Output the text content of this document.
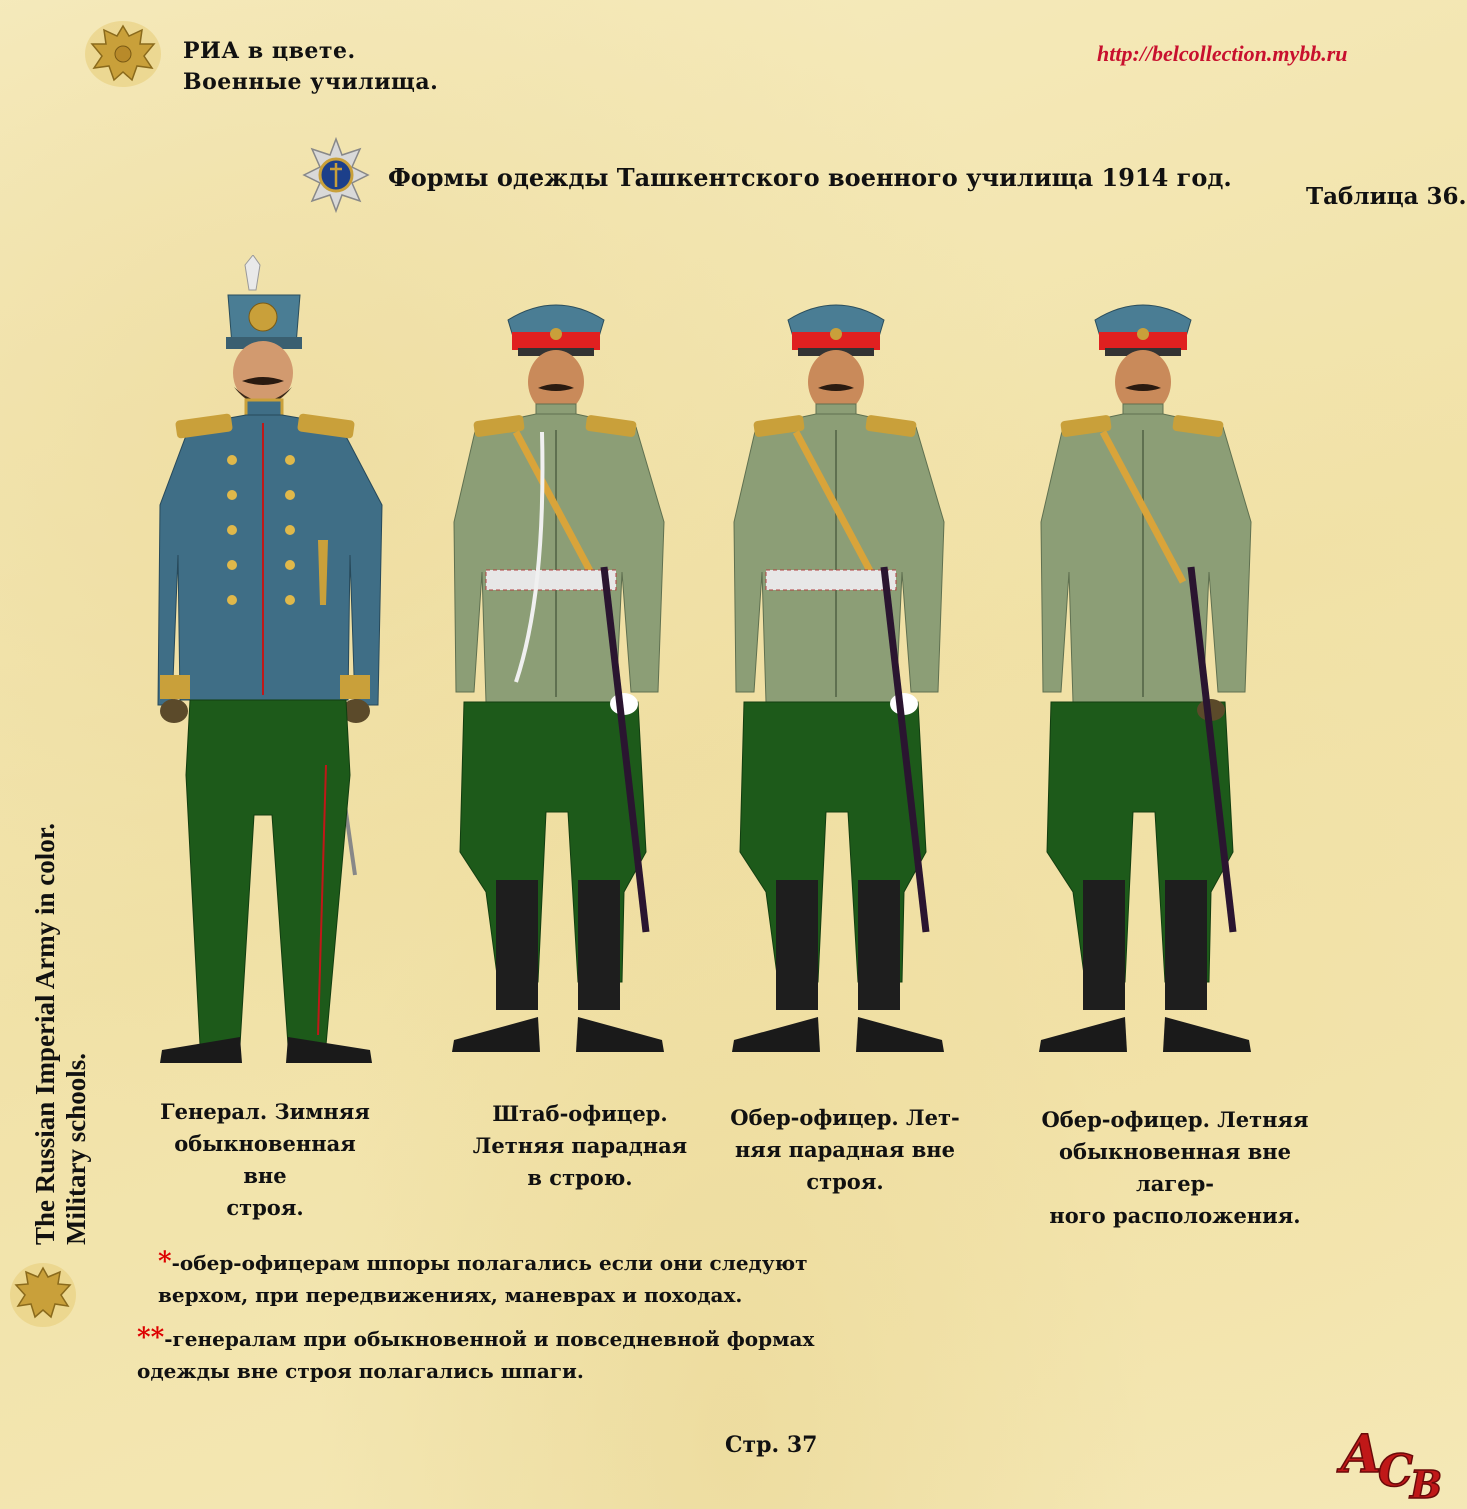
РИА в цвете.
Военные училища.
http://belcollection.mybb.ru
Формы одежды Ташкентского военного училища 1914 год.
Таблица 36.
Генерал. Зимняя
обыкновенная вне
строя.
Штаб-офицер.
Летняя парадная
в строю.
Обер-офицер. Лет-
няя парадная вне
строя.
Обер-офицер. Летняя
обыкновенная вне лагер-
ного расположения.
*-обер-офицерам шпоры полагались если они следуют
верхом, при передвижениях, маневрах и походах.
**-генералам при обыкновенной и повседневной формах
одежды вне строя полагались шпаги.
The Russian Imperial Army in color. Military schools.
Стр. 37	А
С
В
